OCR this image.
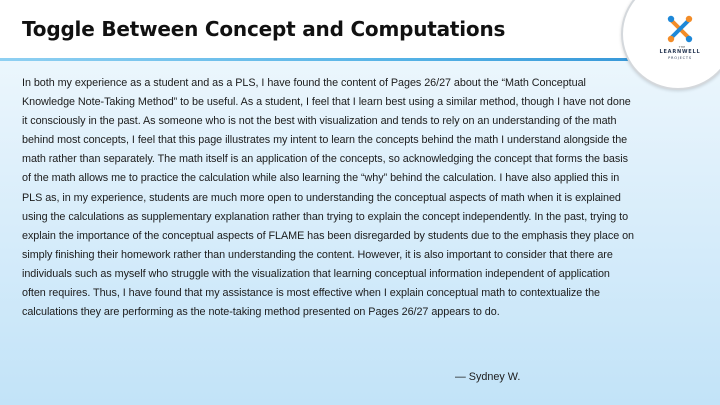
Toggle Between Concept and Computations
THE
LEARNWELL
PROJECTS

In both my experience as a student and as a PLS, I have found the content of Pages 26/27 about the “Math Conceptual Knowledge Note-Taking Method” to be useful. As a student, I feel that I learn best using a similar method, though I have not done it consciously in the past. As someone who is not the best with visualization and tends to rely on an understanding of the math behind most concepts, I feel that this page illustrates my intent to learn the concepts behind the math I understand alongside the math rather than separately. The math itself is an application of the concepts, so acknowledging the concept that forms the basis of the math allows me to practice the calculation while also learning the “why” behind the calculation. I have also applied this in PLS as, in my experience, students are much more open to understanding the conceptual aspects of math when it is explained using the calculations as supplementary explanation rather than trying to explain the concept independently. In the past, trying to explain the importance of the conceptual aspects of FLAME has been disregarded by students due to the emphasis they place on simply finishing their homework rather than understanding the content. However, it is also important to consider that there are individuals such as myself who struggle with the visualization that learning conceptual information independent of application often requires. Thus, I have found that my assistance is most effective when I explain conceptual math to contextualize the calculations they are performing as the note-taking method presented on Pages 26/27 appears to do.

— Sydney W.
